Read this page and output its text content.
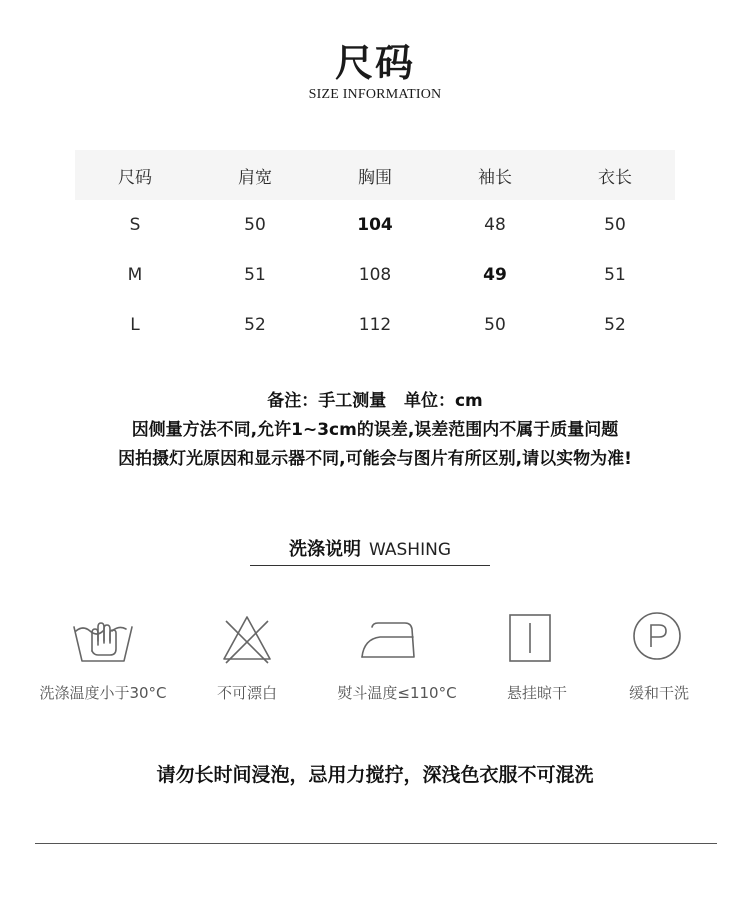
尺码
SIZE INFORMATION
尺码	肩宽	胸围	袖长	衣长
S	50	104	48	50
M	51	108	49	51
L	52	112	50	52
备注：手工测量   单位：cm
因侧量方法不同,允许1~3cm的误差,误差范围内不属于质量问题
因拍摄灯光原因和显示器不同,可能会与图片有所区别,请以实物为准!
洗涤说明 WASHING
洗涤温度小于30°C	不可漂白	熨斗温度≤110°C	悬挂晾干	缓和干洗
请勿长时间浸泡，忌用力搅拧，深浅色衣服不可混洗
